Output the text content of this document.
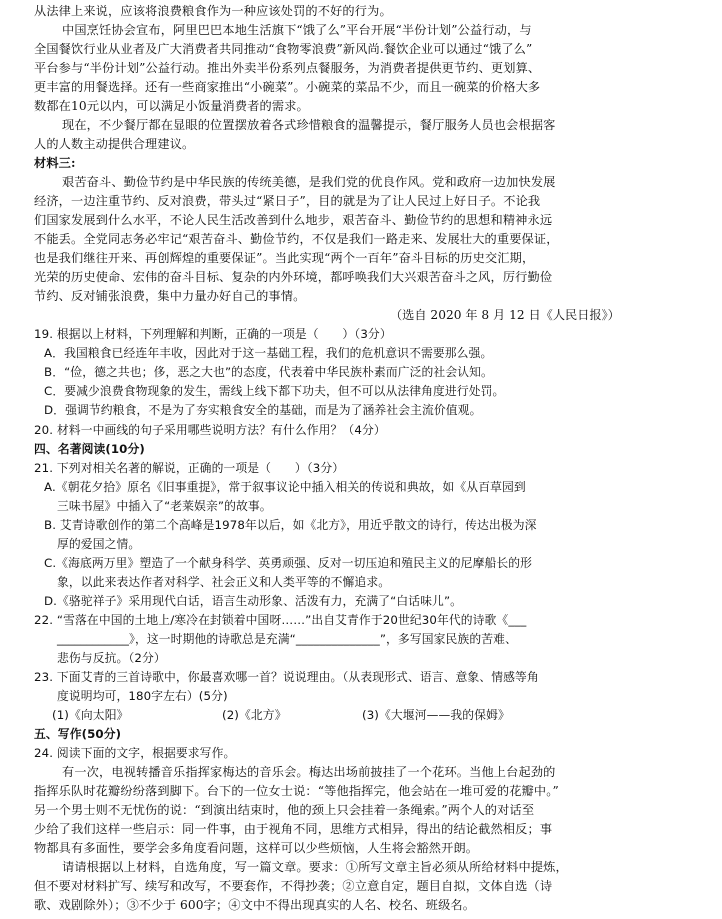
从法律上来说，应该将浪费粮食作为一种应该处罚的不好的行为。
中国烹饪协会宣布，阿里巴巴本地生活旗下“饿了么”平台开展“半份计划”公益行动，与
全国餐饮行业从业者及广大消费者共同推动“食物零浪费”新风尚.餐饮企业可以通过“饿了么”
平台参与“半份计划”公益行动。推出外卖半份系列点餐服务，为消费者提供更节约、更划算、
更丰富的用餐选择。还有一些商家推出“小碗菜”。小碗菜的菜品不少，而且一碗菜的价格大多
数都在10元以内，可以满足小饭量消费者的需求。
现在，不少餐厅都在显眼的位置摆放着各式珍惜粮食的温馨提示，餐厅服务人员也会根据客
人的人数主动提供合理建议。
材料三:
艰苦奋斗、勤俭节约是中华民族的传统美德，是我们党的优良作风。党和政府一边加快发展
经济，一边注重节约、反对浪费，带头过“紧日子”，目的就是为了让人民过上好日子。不论我
们国家发展到什么水平，不论人民生活改善到什么地步，艰苦奋斗、勤俭节约的思想和精神永远
不能丢。全党同志务必牢记“艰苦奋斗、勤俭节约，不仅是我们一路走来、发展壮大的重要保证，
也是我们继往开来、再创辉煌的重要保证”。当此实现“两个一百年”奋斗目标的历史交汇期，
光荣的历史使命、宏伟的奋斗目标、复杂的内外环境，都呼唤我们大兴艰苦奋斗之风，厉行勤俭
节约、反对铺张浪费，集中力量办好自己的事情。
（选自 2020 年 8 月 12 日《人民日报》）
19. 根据以上材料，下列理解和判断，正确的一项是（　　）（3分）
A．我国粮食已经连年丰收，因此对于这一基础工程，我们的危机意识不需要那么强。
B．“俭，德之共也；侈，恶之大也”的态度，代表着中华民族朴素而广泛的社会认知。
C．要减少浪费食物现象的发生，需线上线下都下功夫，但不可以从法律角度进行处罚。
D．强调节约粮食，不是为了夯实粮食安全的基础，而是为了涵养社会主流价值观。
20. 材料一中画线的句子采用哪些说明方法？有什么作用？（4分）
四、名著阅读(10分)
21. 下列对相关名著的解说，正确的一项是（　　）（3分）
A.《朝花夕拾》原名《旧事重提》，常于叙事议论中插入相关的传说和典故，如《从百草园到
三味书屋》中插入了“老莱娱亲”的故事。
B. 艾青诗歌创作的第二个高峰是1978年以后，如《北方》，用近乎散文的诗行，传达出极为深
厚的爱国之情。
C.《海底两万里》塑造了一个献身科学、英勇顽强、反对一切压迫和殖民主义的尼摩船长的形
象，以此来表达作者对科学、社会正义和人类平等的不懈追求。
D.《骆驼祥子》采用现代白话，语言生动形象、活泼有力，充满了“白话味儿”。
22. “雪落在中国的土地上/寒冷在封锁着中国呀……”出自艾青作于20世纪30年代的诗歌《___
____________》，这一时期他的诗歌总是充满“______________”，多写国家民族的苦难、
悲伤与反抗。（2分）
23. 下面艾青的三首诗歌中，你最喜欢哪一首？说说理由。（从表现形式、语言、意象、情感等角
度说明均可，180字左右）(5分)
(1)《向太阳》	(2)《北方》	(3)《大堰河——我的保姆》
五、写作(50分)
24. 阅读下面的文字，根据要求写作。
有一次，电视转播音乐指挥家梅达的音乐会。梅达出场前披挂了一个花环。当他上台起劲的
指挥乐队时花瓣纷纷落到脚下。台下的一位女士说：“等他指挥完，他会站在一堆可爱的花瓣中。”
另一个男士则不无忧伤的说：“到演出结束时，他的颈上只会挂着一条绳索。”两个人的对话至
少给了我们这样一些启示：同一件事，由于视角不同，思维方式相异，得出的结论截然相反；事
物都具有多面性，要学会多角度看问题，这样可以少些烦恼，人生将会豁然开朗。
请请根据以上材料，自选角度，写一篇文章。要求：①所写文章主旨必须从所给材料中提炼，
但不要对材料扩写、续写和改写，不要套作，不得抄袭；②立意自定，题目自拟，文体自选（诗
歌、戏剧除外）；③不少于 600字；④文中不得出现真实的人名、校名、班级名。
